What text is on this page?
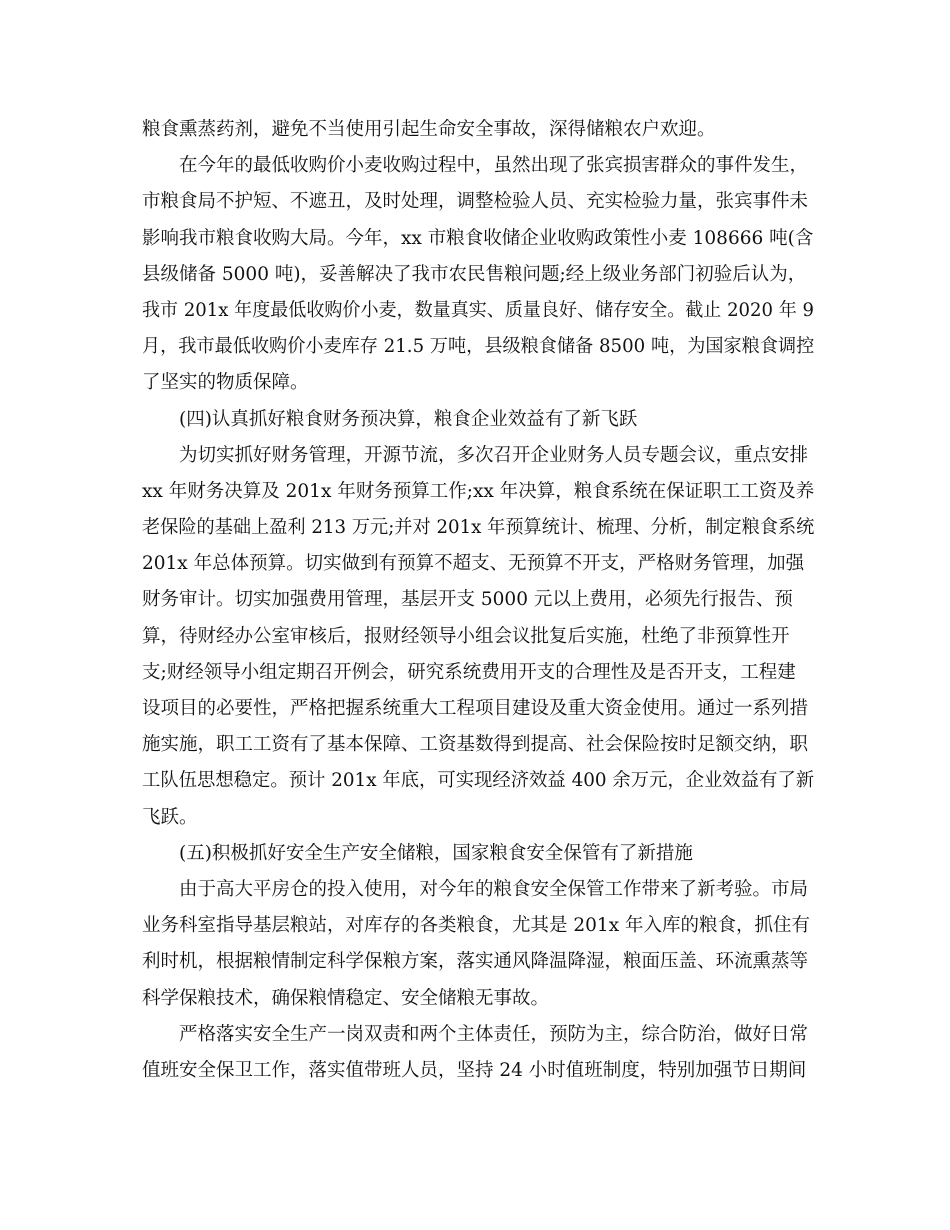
粮食熏蒸药剂，避免不当使用引起生命安全事故，深得储粮农户欢迎。
在今年的最低收购价小麦收购过程中，虽然出现了张宾损害群众的事件发生，
市粮食局不护短、不遮丑，及时处理，调整检验人员、充实检验力量，张宾事件未
影响我市粮食收购大局。今年，xx 市粮食收储企业收购政策性小麦 108666 吨(含
县级储备 5000 吨)，妥善解决了我市农民售粮问题;经上级业务部门初验后认为，
我市 201x 年度最低收购价小麦，数量真实、质量良好、储存安全。截止 2020 年 9
月，我市最低收购价小麦库存 21.5 万吨，县级粮食储备 8500 吨，为国家粮食调控
了坚实的物质保障。
(四)认真抓好粮食财务预决算，粮食企业效益有了新飞跃
为切实抓好财务管理，开源节流，多次召开企业财务人员专题会议，重点安排
xx 年财务决算及 201x 年财务预算工作;xx 年决算，粮食系统在保证职工工资及养
老保险的基础上盈利 213 万元;并对 201x 年预算统计、梳理、分析，制定粮食系统
201x 年总体预算。切实做到有预算不超支、无预算不开支，严格财务管理，加强
财务审计。切实加强费用管理，基层开支 5000 元以上费用，必须先行报告、预
算，待财经办公室审核后，报财经领导小组会议批复后实施，杜绝了非预算性开
支;财经领导小组定期召开例会，研究系统费用开支的合理性及是否开支，工程建
设项目的必要性，严格把握系统重大工程项目建设及重大资金使用。通过一系列措
施实施，职工工资有了基本保障、工资基数得到提高、社会保险按时足额交纳，职
工队伍思想稳定。预计 201x 年底，可实现经济效益 400 余万元，企业效益有了新
飞跃。
(五)积极抓好安全生产安全储粮，国家粮食安全保管有了新措施
由于高大平房仓的投入使用，对今年的粮食安全保管工作带来了新考验。市局
业务科室指导基层粮站，对库存的各类粮食，尤其是 201x 年入库的粮食，抓住有
利时机，根据粮情制定科学保粮方案，落实通风降温降湿，粮面压盖、环流熏蒸等
科学保粮技术，确保粮情稳定、安全储粮无事故。
严格落实安全生产一岗双责和两个主体责任，预防为主，综合防治，做好日常
值班安全保卫工作，落实值带班人员，坚持 24 小时值班制度，特别加强节日期间
